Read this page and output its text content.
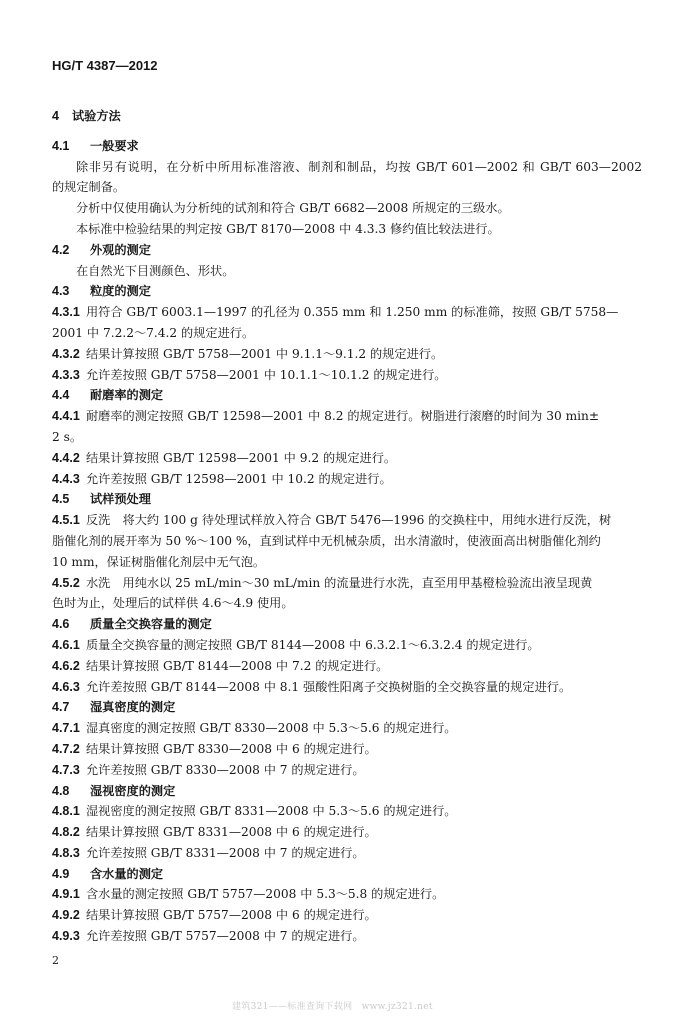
HG/T 4387—2012
4 试验方法
4.1 一般要求
除非另有说明，在分析中所用标准溶液、制剂和制品，均按 GB/T 601—2002 和 GB/T 603—2002
的规定制备。
分析中仅使用确认为分析纯的试剂和符合 GB/T 6682—2008 所规定的三级水。
本标准中检验结果的判定按 GB/T 8170—2008 中 4.3.3 修约值比较法进行。
4.2 外观的测定
在自然光下目测颜色、形状。
4.3 粒度的测定
4.3.1 用符合 GB/T 6003.1—1997 的孔径为 0.355 mm 和 1.250 mm 的标准筛，按照 GB/T 5758—
2001 中 7.2.2～7.4.2 的规定进行。
4.3.2 结果计算按照 GB/T 5758—2001 中 9.1.1～9.1.2 的规定进行。
4.3.3 允许差按照 GB/T 5758—2001 中 10.1.1～10.1.2 的规定进行。
4.4 耐磨率的测定
4.4.1 耐磨率的测定按照 GB/T 12598—2001 中 8.2 的规定进行。树脂进行滚磨的时间为 30 min±
2 s。
4.4.2 结果计算按照 GB/T 12598—2001 中 9.2 的规定进行。
4.4.3 允许差按照 GB/T 12598—2001 中 10.2 的规定进行。
4.5 试样预处理
4.5.1 反洗　将大约 100 g 待处理试样放入符合 GB/T 5476—1996 的交换柱中，用纯水进行反洗，树
脂催化剂的展开率为 50 %～100 %，直到试样中无机械杂质，出水清澈时，使液面高出树脂催化剂约
10 mm，保证树脂催化剂层中无气泡。
4.5.2 水洗　用纯水以 25 mL/min～30 mL/min 的流量进行水洗，直至用甲基橙检验流出液呈现黄
色时为止，处理后的试样供 4.6～4.9 使用。
4.6 质量全交换容量的测定
4.6.1 质量全交换容量的测定按照 GB/T 8144—2008 中 6.3.2.1～6.3.2.4 的规定进行。
4.6.2 结果计算按照 GB/T 8144—2008 中 7.2 的规定进行。
4.6.3 允许差按照 GB/T 8144—2008 中 8.1 强酸性阳离子交换树脂的全交换容量的规定进行。
4.7 湿真密度的测定
4.7.1 湿真密度的测定按照 GB/T 8330—2008 中 5.3～5.6 的规定进行。
4.7.2 结果计算按照 GB/T 8330—2008 中 6 的规定进行。
4.7.3 允许差按照 GB/T 8330—2008 中 7 的规定进行。
4.8 湿视密度的测定
4.8.1 湿视密度的测定按照 GB/T 8331—2008 中 5.3～5.6 的规定进行。
4.8.2 结果计算按照 GB/T 8331—2008 中 6 的规定进行。
4.8.3 允许差按照 GB/T 8331—2008 中 7 的规定进行。
4.9 含水量的测定
4.9.1 含水量的测定按照 GB/T 5757—2008 中 5.3～5.8 的规定进行。
4.9.2 结果计算按照 GB/T 5757—2008 中 6 的规定进行。
4.9.3 允许差按照 GB/T 5757—2008 中 7 的规定进行。
2
建筑321——标准查询下载网　www.jz321.net
